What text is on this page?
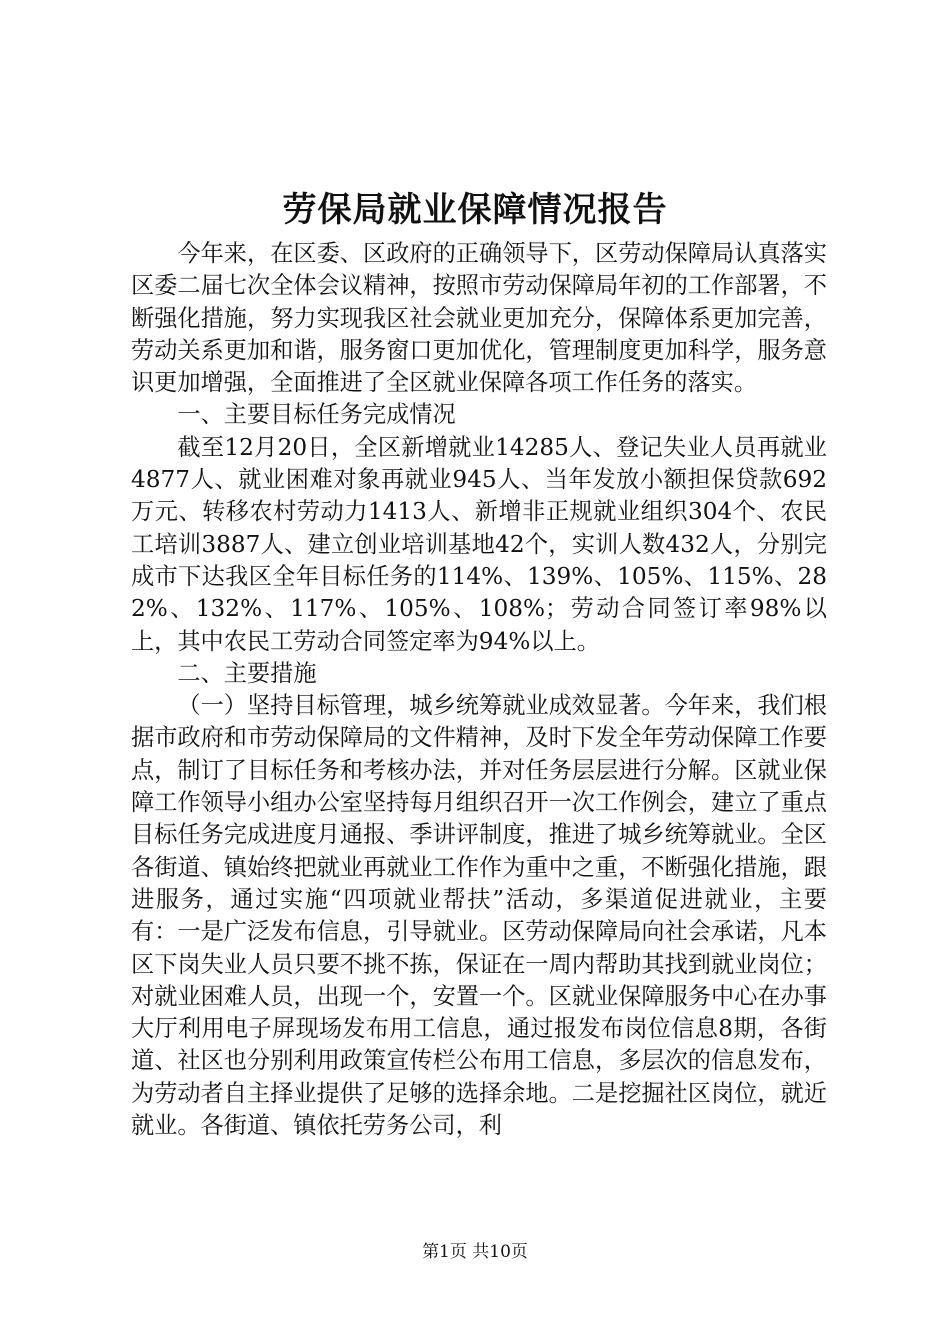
劳保局就业保障情况报告

今年来，在区委、区政府的正确领导下，区劳动保障局认真落实区委二届七次全体会议精神，按照市劳动保障局年初的工作部署，不断强化措施，努力实现我区社会就业更加充分，保障体系更加完善，劳动关系更加和谐，服务窗口更加优化，管理制度更加科学，服务意识更加增强，全面推进了全区就业保障各项工作任务的落实。

一、主要目标任务完成情况

截至12月20日，全区新增就业14285人、登记失业人员再就业4877人、就业困难对象再就业945人、当年发放小额担保贷款692万元、转移农村劳动力1413人、新增非正规就业组织304个、农民工培训3887人、建立创业培训基地42个，实训人数432人，分别完成市下达我区全年目标任务的114%、139%、105%、115%、282%、132%、117%、105%、108%；劳动合同签订率98%以上，其中农民工劳动合同签定率为94%以上。

二、主要措施

（一）坚持目标管理，城乡统筹就业成效显著。今年来，我们根据市政府和市劳动保障局的文件精神，及时下发全年劳动保障工作要点，制订了目标任务和考核办法，并对任务层层进行分解。区就业保障工作领导小组办公室坚持每月组织召开一次工作例会，建立了重点目标任务完成进度月通报、季讲评制度，推进了城乡统筹就业。全区各街道、镇始终把就业再就业工作作为重中之重，不断强化措施，跟进服务，通过实施“四项就业帮扶”活动，多渠道促进就业，主要有：一是广泛发布信息，引导就业。区劳动保障局向社会承诺，凡本区下岗失业人员只要不挑不拣，保证在一周内帮助其找到就业岗位；对就业困难人员，出现一个，安置一个。区就业保障服务中心在办事大厅利用电子屏现场发布用工信息，通过报发布岗位信息8期，各街道、社区也分别利用政策宣传栏公布用工信息，多层次的信息发布，为劳动者自主择业提供了足够的选择余地。二是挖掘社区岗位，就近就业。各街道、镇依托劳务公司，利

第1页 共10页
